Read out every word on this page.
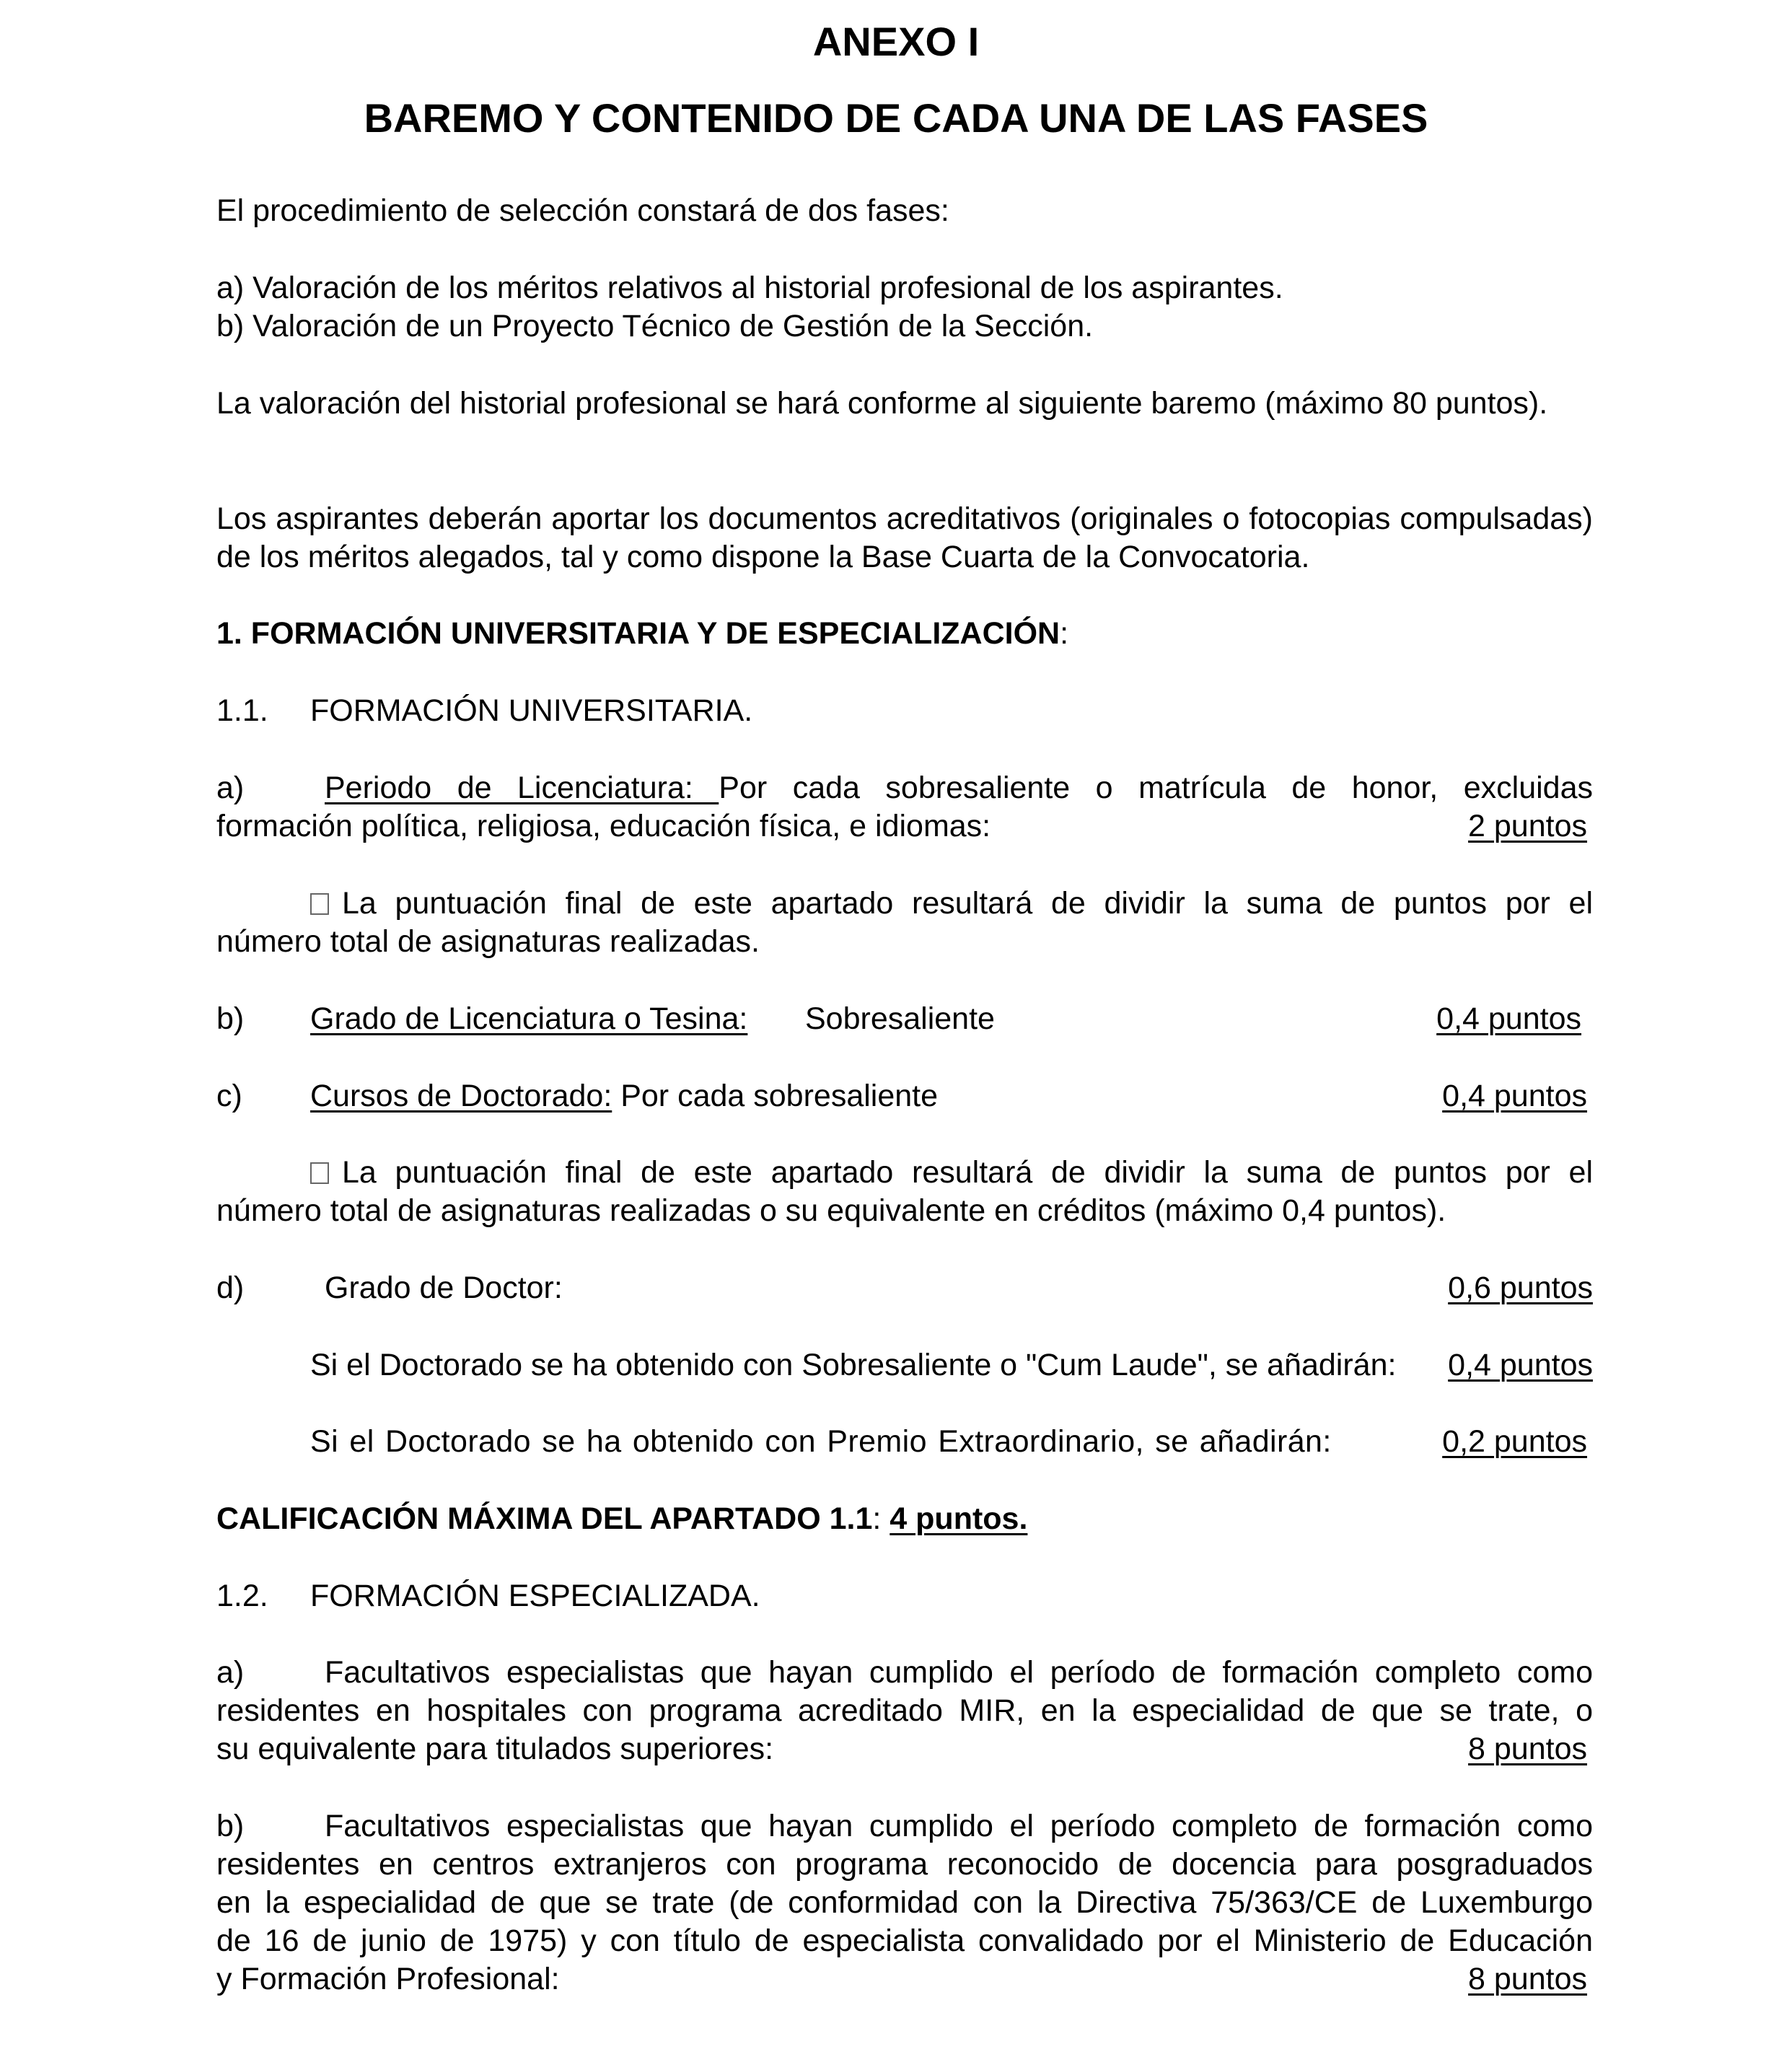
ANEXO I
BAREMO Y CONTENIDO DE CADA UNA DE LAS FASES
El procedimiento de selección constará de dos fases:
a) Valoración de los méritos relativos al historial profesional de los aspirantes.
b) Valoración de un Proyecto Técnico de Gestión de la Sección.
La valoración del historial profesional se hará conforme al siguiente baremo (máximo 80 puntos).
Los aspirantes deberán aportar los documentos acreditativos (originales o fotocopias compulsadas) de los méritos alegados, tal y como dispone la Base Cuarta de la Convocatoria.
1. FORMACIÓN UNIVERSITARIA Y DE ESPECIALIZACIÓN:
1.1. FORMACIÓN UNIVERSITARIA.
a)	Periodo de Licenciatura: Por cada sobresaliente o matrícula de honor, excluidas
formación política, religiosa, educación física, e idiomas:	2 puntos
La puntuación final de este apartado resultará de dividir la suma de puntos por el
número total de asignaturas realizadas.
b) Grado de Licenciatura o Tesina: Sobresaliente	0,4 puntos
c) Cursos de Doctorado: Por cada sobresaliente	0,4 puntos
La puntuación final de este apartado resultará de dividir la suma de puntos por el
número total de asignaturas realizadas o su equivalente en créditos (máximo 0,4 puntos).
d)	Grado de Doctor:	0,6 puntos
Si el Doctorado se ha obtenido con Sobresaliente o "Cum Laude", se añadirán: 0,4 puntos
Si el Doctorado se ha obtenido con Premio Extraordinario, se añadirán:	0,2 puntos
CALIFICACIÓN MÁXIMA DEL APARTADO 1.1: 4 puntos.
1.2. FORMACIÓN ESPECIALIZADA.
a)	Facultativos especialistas que hayan cumplido el período de formación completo como
residentes en hospitales con programa acreditado MIR, en la especialidad de que se trate, o
su equivalente para titulados superiores:	8 puntos
b)	Facultativos especialistas que hayan cumplido el período completo de formación como
residentes en centros extranjeros con programa reconocido de docencia para posgraduados
en la especialidad de que se trate (de conformidad con la Directiva 75/363/CE de Luxemburgo
de 16 de junio de 1975) y con título de especialista convalidado por el Ministerio de Educación
y Formación Profesional:	8 puntos
